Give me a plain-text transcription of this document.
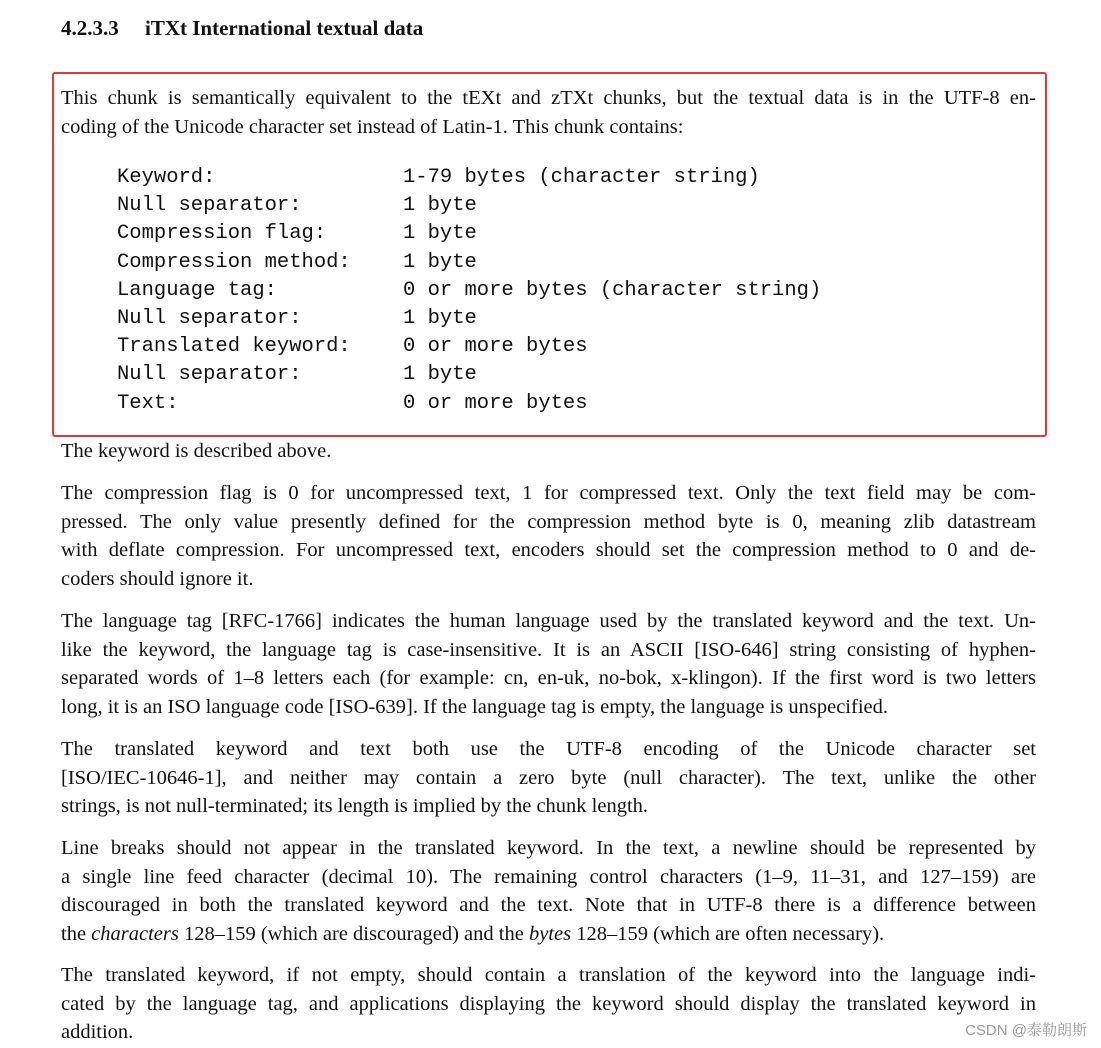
4.2.3.3 iTXt International textual data
This chunk is semantically equivalent to the tEXt and zTXt chunks, but the textual data is in the UTF-8 en-
coding of the Unicode character set instead of Latin-1. This chunk contains:
Keyword:	1-79 bytes (character string)
Null separator:	1 byte
Compression flag:	1 byte
Compression method:	1 byte
Language tag:	0 or more bytes (character string)
Null separator:	1 byte
Translated keyword:	0 or more bytes
Null separator:	1 byte
Text:	0 or more bytes
The keyword is described above.
The compression flag is 0 for uncompressed text, 1 for compressed text. Only the text field may be com-
pressed. The only value presently defined for the compression method byte is 0, meaning zlib datastream
with deflate compression. For uncompressed text, encoders should set the compression method to 0 and de-
coders should ignore it.
The language tag [RFC-1766] indicates the human language used by the translated keyword and the text. Un-
like the keyword, the language tag is case-insensitive. It is an ASCII [ISO-646] string consisting of hyphen-
separated words of 1–8 letters each (for example: cn, en-uk, no-bok, x-klingon). If the first word is two letters
long, it is an ISO language code [ISO-639]. If the language tag is empty, the language is unspecified.
The translated keyword and text both use the UTF-8 encoding of the Unicode character set
[ISO/IEC-10646-1], and neither may contain a zero byte (null character). The text, unlike the other
strings, is not null-terminated; its length is implied by the chunk length.
Line breaks should not appear in the translated keyword. In the text, a newline should be represented by
a single line feed character (decimal 10). The remaining control characters (1–9, 11–31, and 127–159) are
discouraged in both the translated keyword and the text. Note that in UTF-8 there is a difference between
the characters 128–159 (which are discouraged) and the bytes 128–159 (which are often necessary).
The translated keyword, if not empty, should contain a translation of the keyword into the language indi-
cated by the language tag, and applications displaying the keyword should display the translated keyword in
addition.	CSDN @泰勒朗斯
